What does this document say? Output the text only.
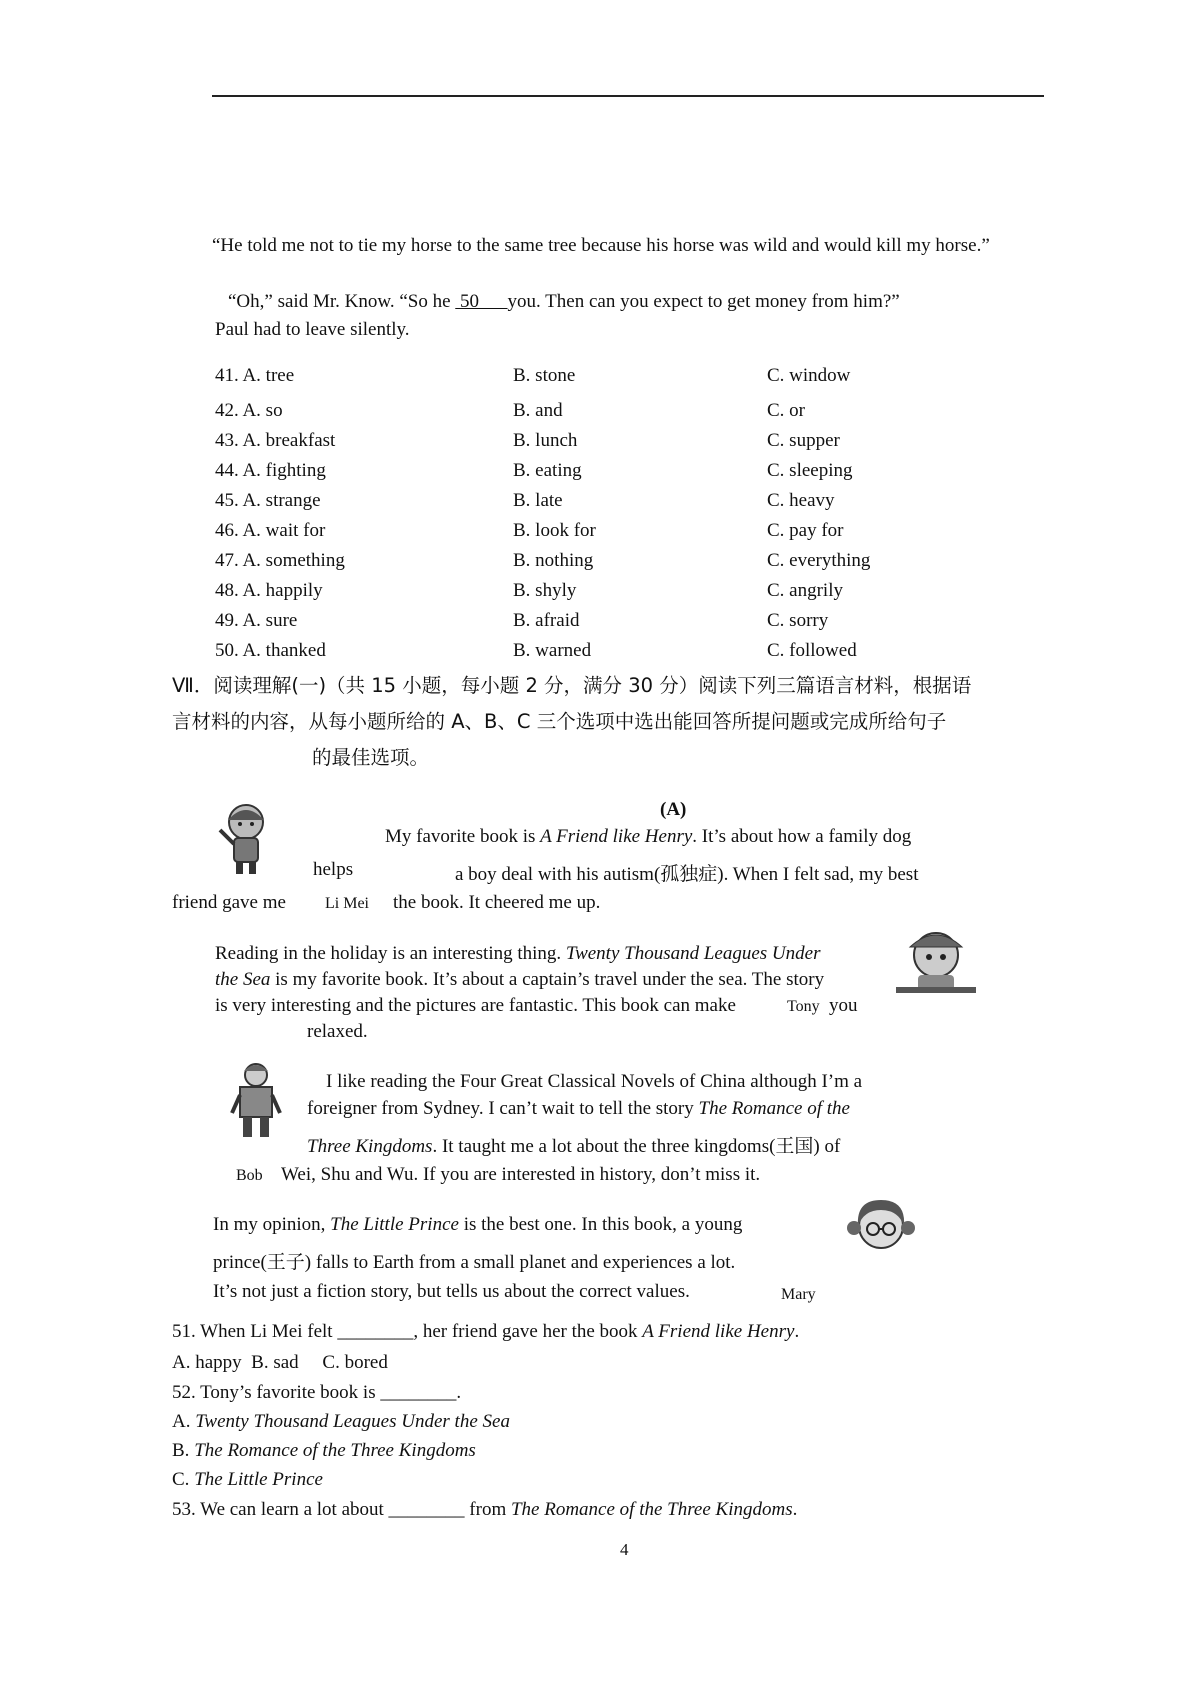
“He told me not to tie my horse to the same tree because his horse was wild and would kill my horse.”
“Oh,” said Mr. Know. “So he  50      you. Then can you expect to get money from him?”
Paul had to leave silently.
41. A. tree	B. stone	C. window
42. A. so	B. and	C. or
43. A. breakfast	B. lunch	C. supper
44. A. fighting	B. eating	C. sleeping
45. A. strange	B. late	C. heavy
46. A. wait for	B. look for	C. pay for
47. A. something	B. nothing	C. everything
48. A. happily	B. shyly	C. angrily
49. A. sure	B. afraid	C. sorry
50. A. thanked	B. warned	C. followed
Ⅶ．阅读理解(一)（共 15 小题，每小题 2 分，满分 30 分）阅读下列三篇语言材料，根据语
言材料的内容，从每小题所给的 A、B、C 三个选项中选出能回答所提问题或完成所给句子
的最佳选项。
(A)
My favorite book is A Friend like Henry. It’s about how a family dog
helps	a boy deal with his autism(孤独症). When I felt sad, my best
friend gave me Li Mei the book. It cheered me up.
Reading in the holiday is an interesting thing. Twenty Thousand Leagues Under
the Sea is my favorite book. It’s about a captain’s travel under the sea. The story
is very interesting and the pictures are fantastic. This book can make	Tony you
relaxed.
I like reading the Four Great Classical Novels of China although I’m a
foreigner from Sydney. I can’t wait to tell the story The Romance of the
Three Kingdoms. It taught me a lot about the three kingdoms(王国) of
Bob Wei, Shu and Wu. If you are interested in history, don’t miss it.
In my opinion, The Little Prince is the best one. In this book, a young
prince(王子) falls to Earth from a small planet and experiences a lot.
It’s not just a fiction story, but tells us about the correct values.	Mary
51. When Li Mei felt ________, her friend gave her the book A Friend like Henry.
A. happy  B. sad     C. bored
52. Tony’s favorite book is ________.
A. Twenty Thousand Leagues Under the Sea
B. The Romance of the Three Kingdoms
C. The Little Prince
53. We can learn a lot about ________ from The Romance of the Three Kingdoms.
4
